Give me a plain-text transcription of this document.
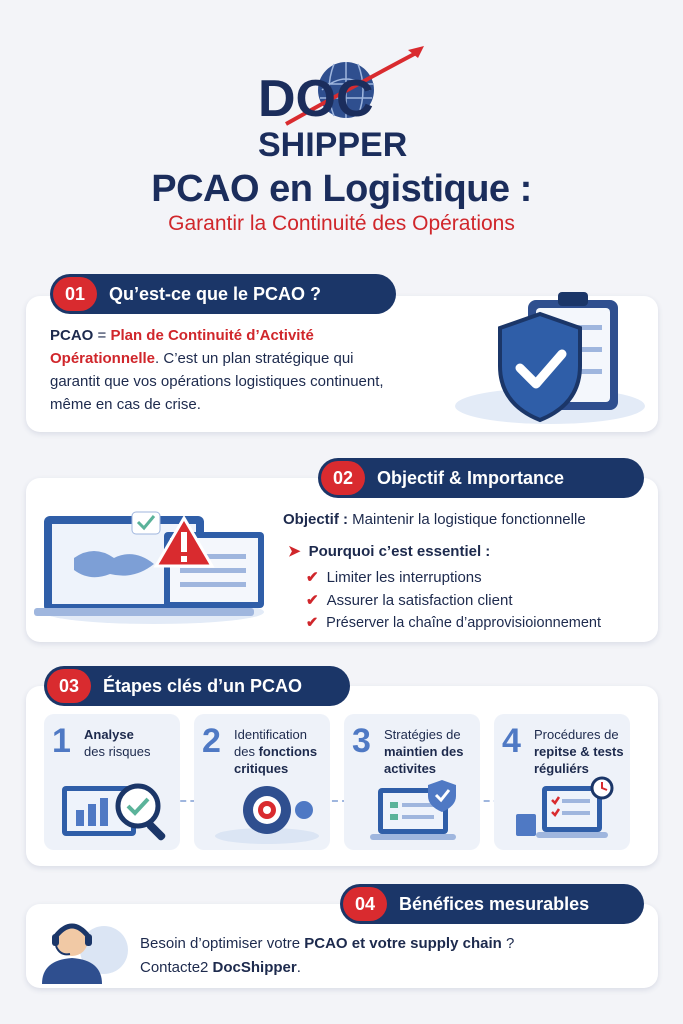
DOC
SHIPPER
PCAO en Logistique :
Garantir la Continuité des Opérations
01	Qu’est-ce que le PCAO ?
PCAO = Plan de Continuité d’Activité Opérationnelle. C’est un plan stratégique qui garantit que vos opérations logistiques continuent, même en cas de crise.
02	Objectif & Importance
Objectif : Maintenir la logistique fonctionnelle
➤ Pourquoi c’est essentiel :
✔ Limiter les interruptions
✔ Assurer la satisfaction client
✔ Préserver la chaîne d’approvisioionnement
03	Étapes clés d’un PCAO
1 Analyse
des risques	2 Identification des fonctions critiques
3 Stratégies de maintien des activites
4 Procédures de repitse & tests réguliérs
04	Bénéfices mesurables
Besoin d’optimiser votre PCAO et votre supply chain ?
Contacte2 DocShipper.
